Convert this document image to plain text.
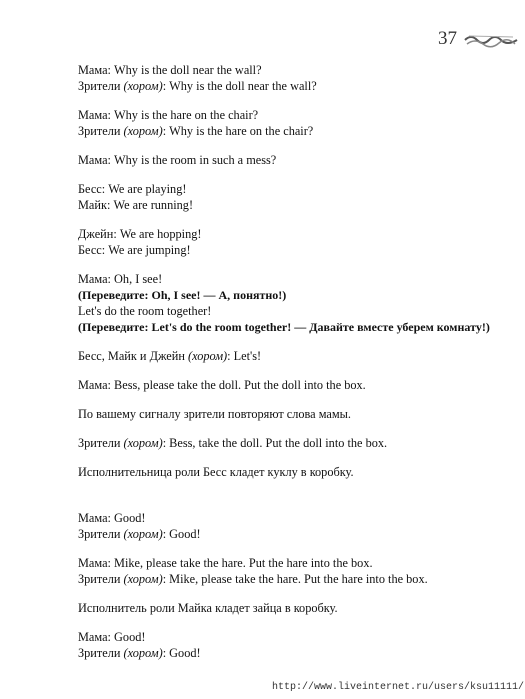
37
Мама: Why is the doll near the wall?
Зрители (хором): Why is the doll near the wall?
Мама: Why is the hare on the chair?
Зрители (хором): Why is the hare on the chair?
Мама: Why is the room in such a mess?
Бесс: We are playing!
Майк: We are running!
Джейн: We are hopping!
Бесс: We are jumping!
Мама: Oh, I see!
(Переведите: Oh, I see! — А, понятно!)
Let's do the room together!
(Переведите: Let's do the room together! — Давайте вместе уберем комнату!)
Бесс, Майк и Джейн (хором): Let's!
Мама: Bess, please take the doll. Put the doll into the box.
По вашему сигналу зрители повторяют слова мамы.
Зрители (хором): Bess, take the doll. Put the doll into the box.
Исполнительница роли Бесс кладет куклу в коробку.
Мама: Good!
Зрители (хором): Good!
Мама: Mike, please take the hare. Put the hare into the box.
Зрители (хором): Mike, please take the hare. Put the hare into the box.
Исполнитель роли Майка кладет зайца в коробку.
Мама: Good!
Зрители (хором): Good!
http://www.liveinternet.ru/users/ksu11111/
